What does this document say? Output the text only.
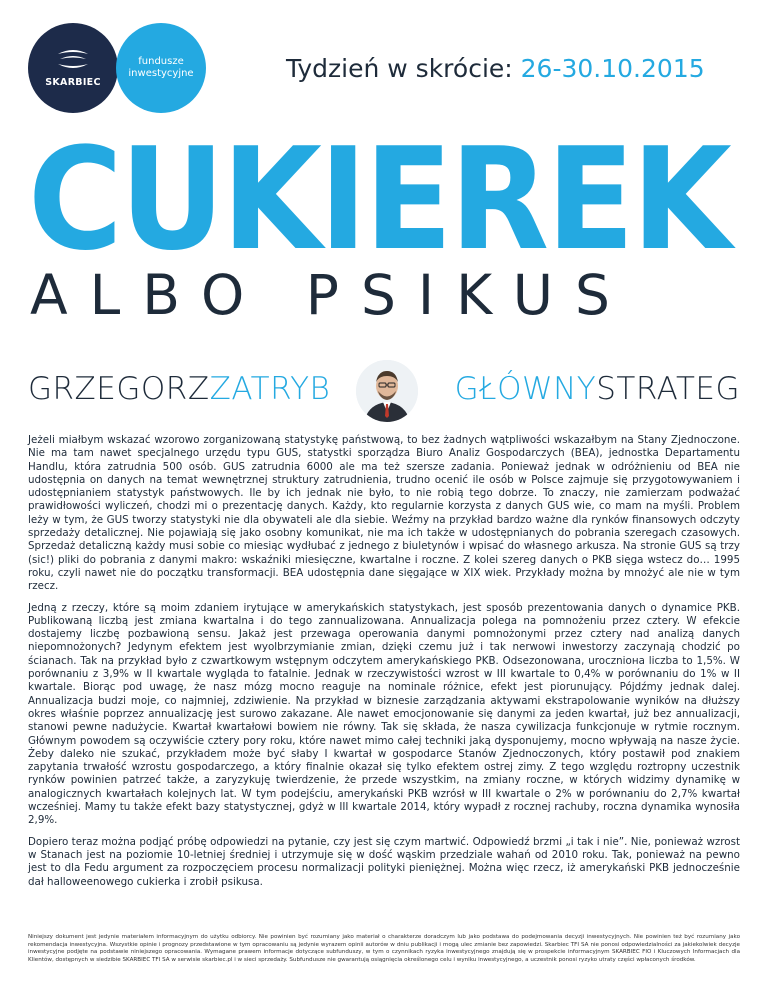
SKARBIEC
fundusze
inwestycyjne	Tydzień w skrócie: 26-30.10.2015
CUKIEREK
ALBO PSIKUS
GRZEGORZZATRYB	GŁÓWNYSTRATEG

Jeżeli miałbym wskazać wzorowo zorganizowaną statystykę państwową, to bez żadnych wątpliwości wskazałbym na Stany Zjednoczone. Nie ma tam nawet specjalnego urzędu typu GUS, statystki sporządza Biuro Analiz Gospodarczych (BEA), jednostka Departamentu Handlu, która zatrudnia 500 osób. GUS zatrudnia 6000 ale ma też szersze zadania. Ponieważ jednak w odróżnieniu od BEA nie udostępnia on danych na temat wewnętrznej struktury zatrudnienia, trudno ocenić ile osób w Polsce zajmuje się przygotowywaniem i udostępnianiem statystyk państwowych. Ile by ich jednak nie było, to nie robią tego dobrze. To znaczy, nie zamierzam podważać prawidłowości wyliczeń, chodzi mi o prezentację danych. Każdy, kto regularnie korzysta z danych GUS wie, co mam na myśli. Problem leży w tym, że GUS tworzy statystyki nie dla obywateli ale dla siebie. Weźmy na przykład bardzo ważne dla rynków finansowych odczyty sprzedaży detalicznej. Nie pojawiają się jako osobny komunikat, nie ma ich także w udostępnianych do pobrania szeregach czasowych. Sprzedaż detaliczną każdy musi sobie co miesiąc wydłubać z jednego z biuletynów i wpisać do własnego arkusza. Na stronie GUS są trzy (sic!) pliki do pobrania z danymi makro: wskaźniki miesięczne, kwartalne i roczne. Z kolei szereg danych o PKB sięga wstecz do… 1995 roku, czyli nawet nie do początku transformacji. BEA udostępnia dane sięgające w XIX wiek. Przykłady można by mnożyć ale nie w tym rzecz.

Jedną z rzeczy, które są moim zdaniem irytujące w amerykańskich statystykach, jest sposób prezentowania danych o dynamice PKB. Publikowaną liczbą jest zmiana kwartalna i do tego zannualizowana. Annualizacja polega na pomnożeniu przez cztery. W efekcie dostajemy liczbę pozbawioną sensu. Jakaż jest przewaga operowania danymi pomnożonymi przez cztery nad analizą danych niepomnożonych? Jedynym efektem jest wyolbrzymianie zmian, dzięki czemu już i tak nerwowi inwestorzy zaczynają chodzić po ścianach. Tak na przykład było z czwartkowym wstępnym odczytem amerykańskiego PKB. Odsezonowana, urocznioна liczba to 1,5%. W porównaniu z 3,9% w II kwartale wygląda to fatalnie. Jednak w rzeczywistości wzrost w III kwartale to 0,4% w porównaniu do 1% w II kwartale. Biorąc pod uwagę, że nasz mózg mocno reaguje na nominale różnice, efekt jest piorunujący. Pójdźmy jednak dalej. Annualizacja budzi moje, co najmniej, zdziwienie. Na przykład w biznesie zarządzania aktywami ekstrapolowanie wyników na dłuższy okres właśnie poprzez annualizację jest surowo zakazane. Ale nawet emocjonowanie się danymi za jeden kwartał, już bez annualizacji, stanowi pewne nadużycie. Kwartał kwartałowi bowiem nie równy. Tak się składa, że nasza cywilizacja funkcjonuje w rytmie rocznym. Głównym powodem są oczywiście cztery pory roku, które nawet mimo całej techniki jaką dysponujemy, mocno wpływają na nasze życie. Żeby daleko nie szukać, przykładem może być słaby I kwartał w gospodarce Stanów Zjednoczonych, który postawił pod znakiem zapytania trwałość wzrostu gospodarczego, a który finalnie okazał się tylko efektem ostrej zimy. Z tego względu roztropny uczestnik rynków powinien patrzeć także, a zaryzykuję twierdzenie, że przede wszystkim, na zmiany roczne, w których widzimy dynamikę w analogicznych kwartałach kolejnych lat. W tym podejściu, amerykański PKB wzrósł w III kwartale o 2% w porównaniu do 2,7% kwartał wcześniej. Mamy tu także efekt bazy statystycznej, gdyż w III kwartale 2014, który wypadł z rocznej rachuby, roczna dynamika wynosiła 2,9%.

Dopiero teraz można podjąć próbę odpowiedzi na pytanie, czy jest się czym martwić. Odpowiedź brzmi „i tak i nie”. Nie, ponieważ wzrost w Stanach jest na poziomie 10-letniej średniej i utrzymuje się w dość wąskim przedziale wahań od 2010 roku. Tak, ponieważ na pewno jest to dla Fedu argument za rozpoczęciem procesu normalizacji polityki pieniężnej. Można więc rzecz, iż amerykański PKB jednocześnie dał halloweenowego cukierka i zrobił psikusa.

Niniejszy dokument jest jedynie materiałem informacyjnym do użytku odbiorcy. Nie powinien być rozumiany jako materiał o charakterze doradczym lub jako podstawa do podejmowania decyzji inwestycyjnych. Nie powinien też być rozumiany jako rekomendacja inwestycyjna. Wszystkie opinie i prognozy przedstawione w tym opracowaniu są jedynie wyrazem opinii autorów w dniu publikacji i mogą ulec zmianie bez zapowiedzi. Skarbiec TFI SA nie ponosi odpowiedzialności za jakiekolwiek decyzje inwestycyjne podjęte na podstawie niniejszego opracowania. Wymagane prawem informacje dotyczące subfunduszy, w tym o czynnikach ryzyka inwestycyjnego znajdują się w prospekcie informacyjnym SKARBIEC FIO i Kluczowych Informacjach dla Klientów, dostępnych w siedzibie SKARBIEC TFI SA w serwisie skarbiec.pl i w sieci sprzedaży. Subfundusze nie gwarantują osiągnięcia określonego celu i wyniku inwestycyjnego, a uczestnik ponosi ryzyko utraty części wpłaconych środków.
